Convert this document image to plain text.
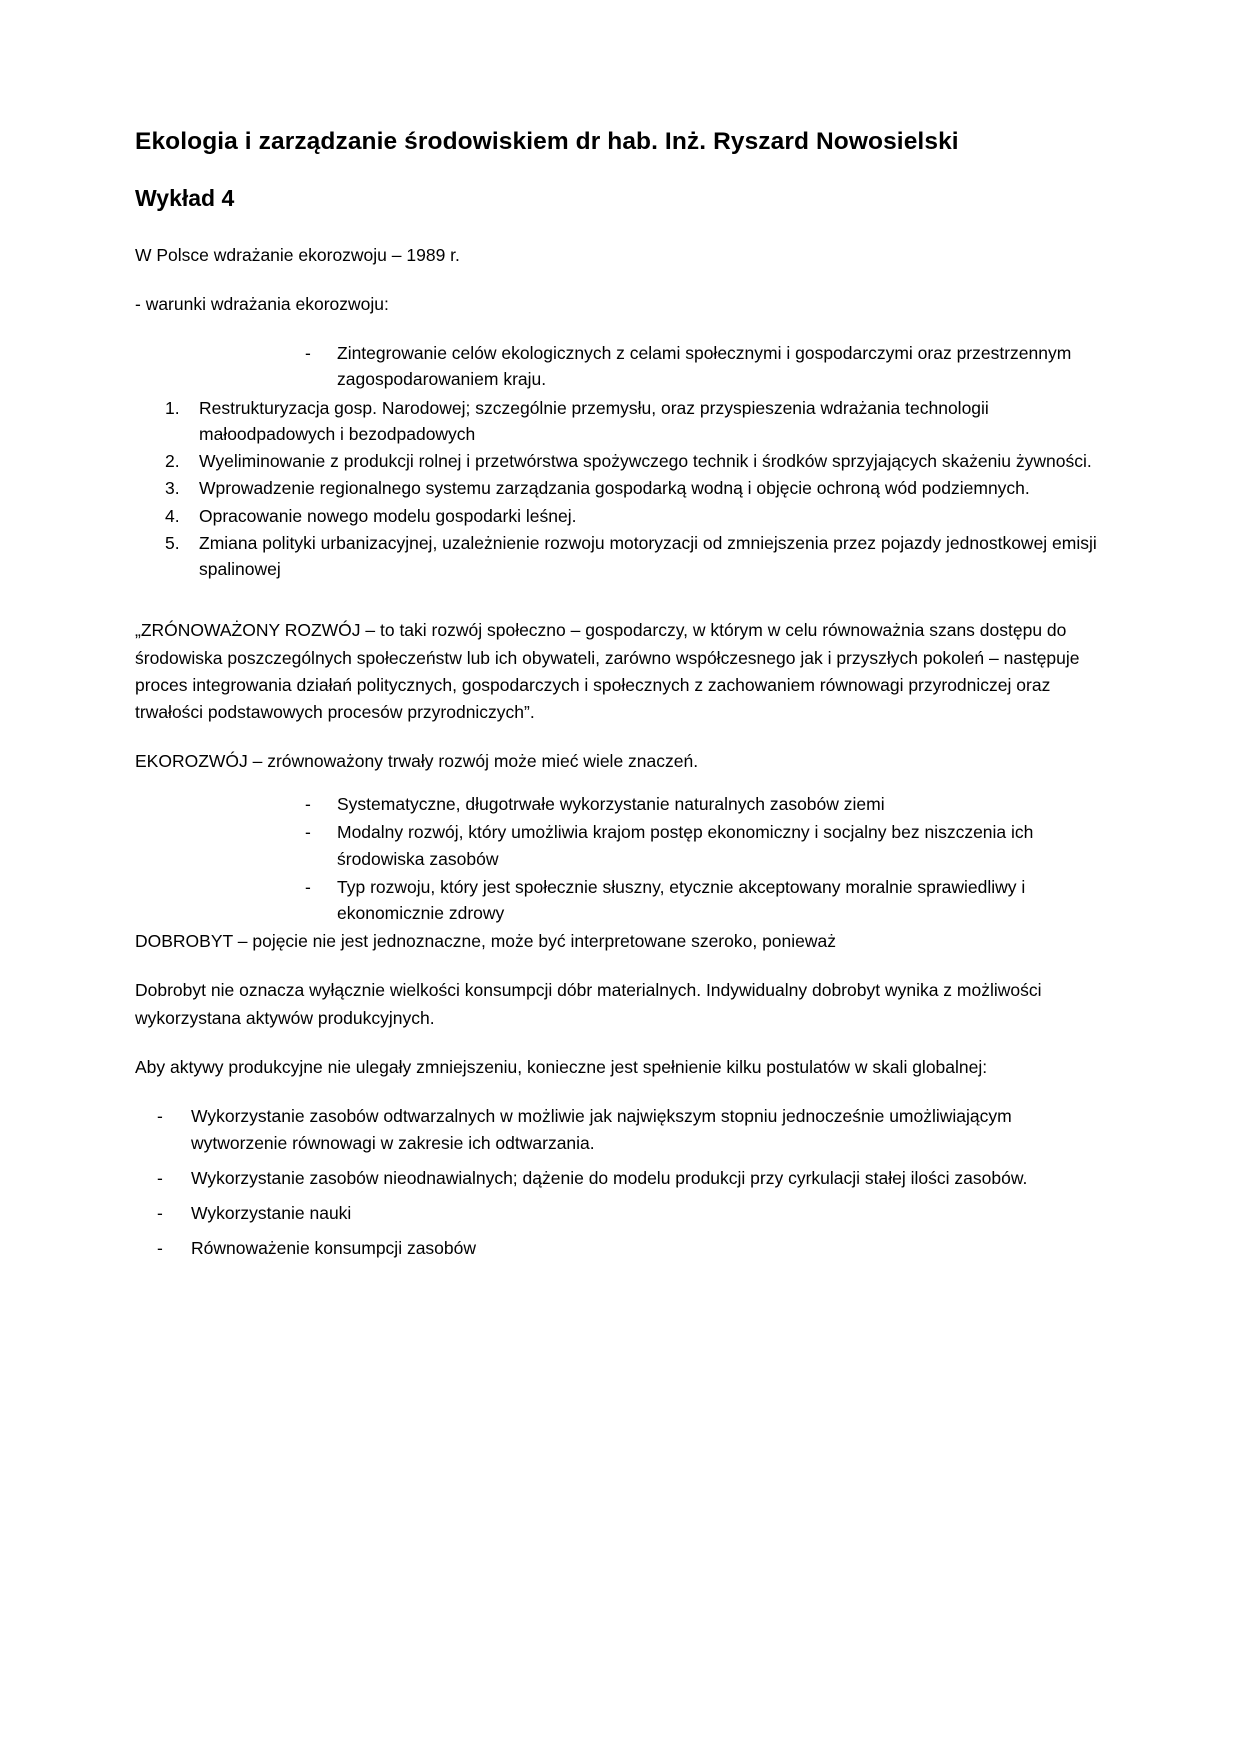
Ekologia i zarządzanie środowiskiem dr hab. Inż. Ryszard Nowosielski
Wykład 4

W Polsce wdrażanie ekorozwoju – 1989 r.

- warunki wdrażania ekorozwoju:

- Zintegrowanie celów ekologicznych z celami społecznymi i gospodarczymi oraz przestrzennym zagospodarowaniem kraju.
Restrukturyzacja gosp. Narodowej; szczególnie przemysłu, oraz przyspieszenia wdrażania technologii małoodpadowych i bezodpadowych
Wyeliminowanie z produkcji rolnej i przetwórstwa spożywczego technik i środków sprzyjających skażeniu żywności.
Wprowadzenie regionalnego systemu zarządzania gospodarką wodną i objęcie ochroną wód podziemnych.
Opracowanie nowego modelu gospodarki leśnej.
Zmiana polityki urbanizacyjnej, uzależnienie rozwoju motoryzacji od zmniejszenia przez pojazdy jednostkowej emisji spalinowej

„ZRÓNOWAŻONY ROZWÓJ – to taki rozwój społeczno – gospodarczy, w którym w celu równoważnia szans dostępu do środowiska poszczególnych społeczeństw lub ich obywateli, zarówno współczesnego jak i przyszłych pokoleń – następuje proces integrowania działań politycznych, gospodarczych i społecznych z zachowaniem równowagi przyrodniczej oraz trwałości podstawowych procesów przyrodniczych”.

EKOROZWÓJ – zrównoważony trwały rozwój może mieć wiele znaczeń.

- Systematyczne, długotrwałe wykorzystanie naturalnych zasobów ziemi
- Modalny rozwój, który umożliwia krajom postęp ekonomiczny i socjalny bez niszczenia ich środowiska zasobów
- Typ rozwoju, który jest społecznie słuszny, etycznie akceptowany moralnie sprawiedliwy i ekonomicznie zdrowy

DOBROBYT – pojęcie nie jest jednoznaczne, może być interpretowane szeroko, ponieważ

Dobrobyt nie oznacza wyłącznie wielkości konsumpcji dóbr materialnych. Indywidualny dobrobyt wynika z możliwości wykorzystana aktywów produkcyjnych.

Aby aktywy produkcyjne nie ulegały zmniejszeniu, konieczne jest spełnienie kilku postulatów w skali globalnej:

- Wykorzystanie zasobów odtwarzalnych w możliwie jak największym stopniu jednocześnie umożliwiającym wytworzenie równowagi w zakresie ich odtwarzania.
- Wykorzystanie zasobów nieodnawialnych; dążenie do modelu produkcji przy cyrkulacji stałej ilości zasobów.
- Wykorzystanie nauki
- Równoważenie konsumpcji zasobów
